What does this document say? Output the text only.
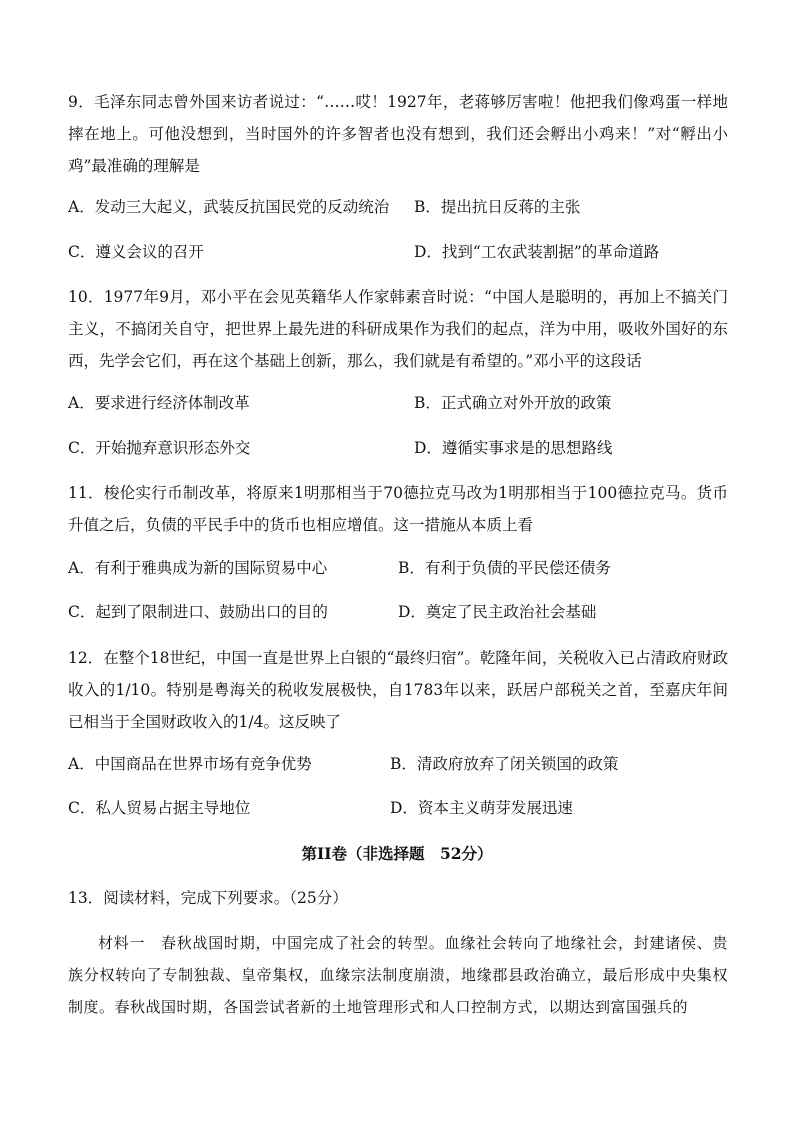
9．毛泽东同志曾外国来访者说过：“……哎！1927年，老蒋够厉害啦！他把我们像鸡蛋一样地摔在地上。可他没想到，当时国外的许多智者也没有想到，我们还会孵出小鸡来！”对“孵出小鸡”最准确的理解是
A．发动三大起义，武装反抗国民党的反动统治 B．提出抗日反蒋的主张
C．遵义会议的召开	D．找到“工农武装割据”的革命道路
10．1977年9月，邓小平在会见英籍华人作家韩素音时说：“中国人是聪明的，再加上不搞关门主义，不搞闭关自守，把世界上最先进的科研成果作为我们的起点，洋为中用，吸收外国好的东西，先学会它们，再在这个基础上创新，那么，我们就是有希望的。”邓小平的这段话
A．要求进行经济体制改革	B．正式确立对外开放的政策
C．开始抛弃意识形态外交	D．遵循实事求是的思想路线
11．梭伦实行币制改革，将原来1明那相当于70德拉克马改为1明那相当于100德拉克马。货币升值之后，负债的平民手中的货币也相应增值。这一措施从本质上看
A．有利于雅典成为新的国际贸易中心	B．有利于负债的平民偿还债务
C．起到了限制进口、鼓励出口的目的	D．奠定了民主政治社会基础
12．在整个18世纪，中国一直是世界上白银的“最终归宿”。乾隆年间，关税收入已占清政府财政收入的1/10。特别是粤海关的税收发展极快，自1783年以来，跃居户部税关之首，至嘉庆年间已相当于全国财政收入的1/4。这反映了
A．中国商品在世界市场有竞争优势	B．清政府放弃了闭关锁国的政策
C．私人贸易占据主导地位	D．资本主义萌芽发展迅速
第II卷（非选择题　52分）
13．阅读材料，完成下列要求。（25分）
材料一　春秋战国时期，中国完成了社会的转型。血缘社会转向了地缘社会，封建诸侯、贵族分权转向了专制独裁、皇帝集权，血缘宗法制度崩溃，地缘郡县政治确立，最后形成中央集权制度。春秋战国时期，各国尝试者新的土地管理形式和人口控制方式，以期达到富国强兵的
